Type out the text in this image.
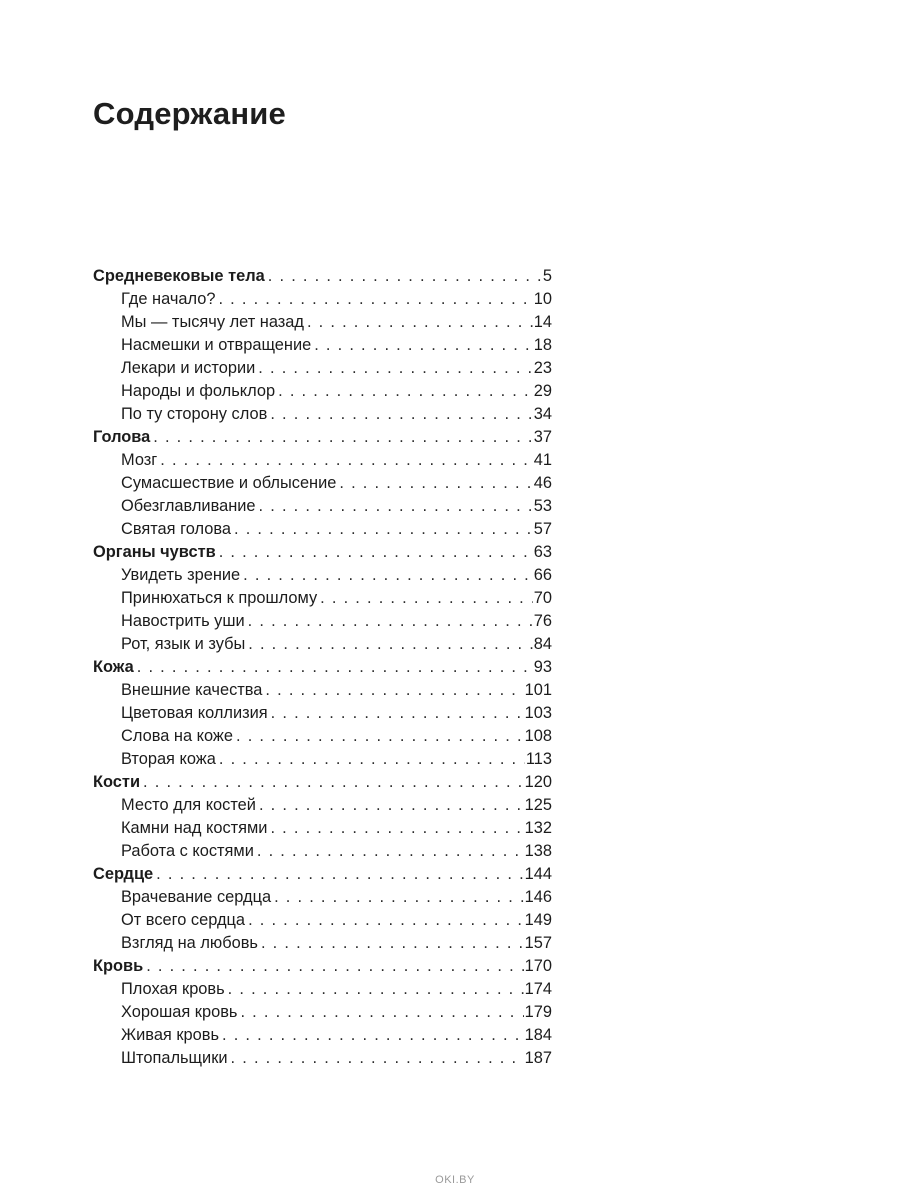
Содержание
Средневековые тела . . .	5
Где начало? . . .	10
Мы — тысячу лет назад . . .	14
Насмешки и отвращение . . .	18
Лекари и истории . . .	23
Народы и фольклор . . .	29
По ту сторону слов . . .	34
Голова . . .	37
Мозг . . .	41
Сумасшествие и облысение . . .	46
Обезглавливание . . .	53
Святая голова . . .	57
Органы чувств . . .	63
Увидеть зрение . . .	66
Принюхаться к прошлому . . .	70
Навострить уши . . .	76
Рот, язык и зубы . . .	84
Кожа . . .	93
Внешние качества . . .	101
Цветовая коллизия . . .	103
Слова на коже . . .	108
Вторая кожа . . .	113
Кости . . .	120
Место для костей . . .	125
Камни над костями . . .	132
Работа с костями . . .	138
Сердце . . .	144
Врачевание сердца . . .	146
От всего сердца . . .	149
Взгляд на любовь . . .	157
Кровь . . .	170
Плохая кровь . . .	174
Хорошая кровь . . .	179
Живая кровь . . .	184
Штопальщики . . .	187
OKI.BY
